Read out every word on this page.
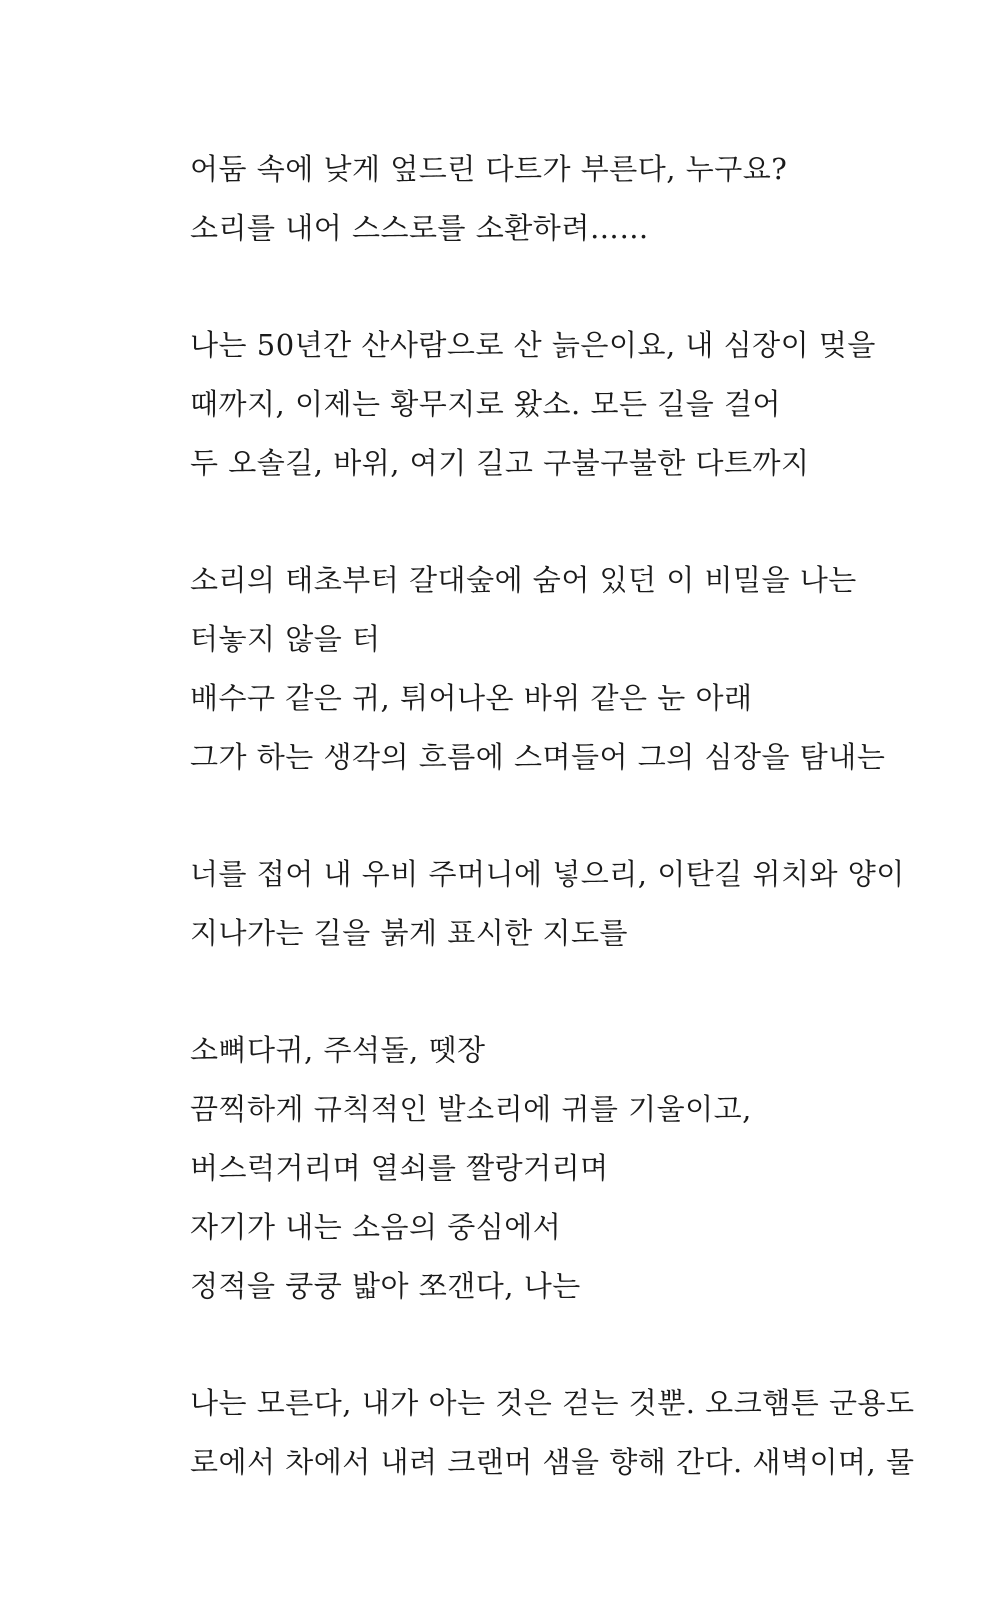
어둠 속에 낮게 엎드린 다트가 부른다, 누구요?
소리를 내어 스스로를 소환하려……
나는 50년간 산사람으로 산 늙은이요, 내 심장이 멎을
때까지, 이제는 황무지로 왔소. 모든 길을 걸어
두 오솔길, 바위, 여기 길고 구불구불한 다트까지
소리의 태초부터 갈대숲에 숨어 있던 이 비밀을 나는
터놓지 않을 터
배수구 같은 귀, 튀어나온 바위 같은 눈 아래
그가 하는 생각의 흐름에 스며들어 그의 심장을 탐내는
너를 접어 내 우비 주머니에 넣으리, 이탄길 위치와 양이
지나가는 길을 붉게 표시한 지도를
소뼈다귀, 주석돌, 뗏장
끔찍하게 규칙적인 발소리에 귀를 기울이고,
버스럭거리며 열쇠를 짤랑거리며
자기가 내는 소음의 중심에서
정적을 쿵쿵 밟아 쪼갠다, 나는
나는 모른다, 내가 아는 것은 걷는 것뿐. 오크햄튼 군용도
로에서 차에서 내려 크랜머 샘을 향해 간다. 새벽이며, 물
